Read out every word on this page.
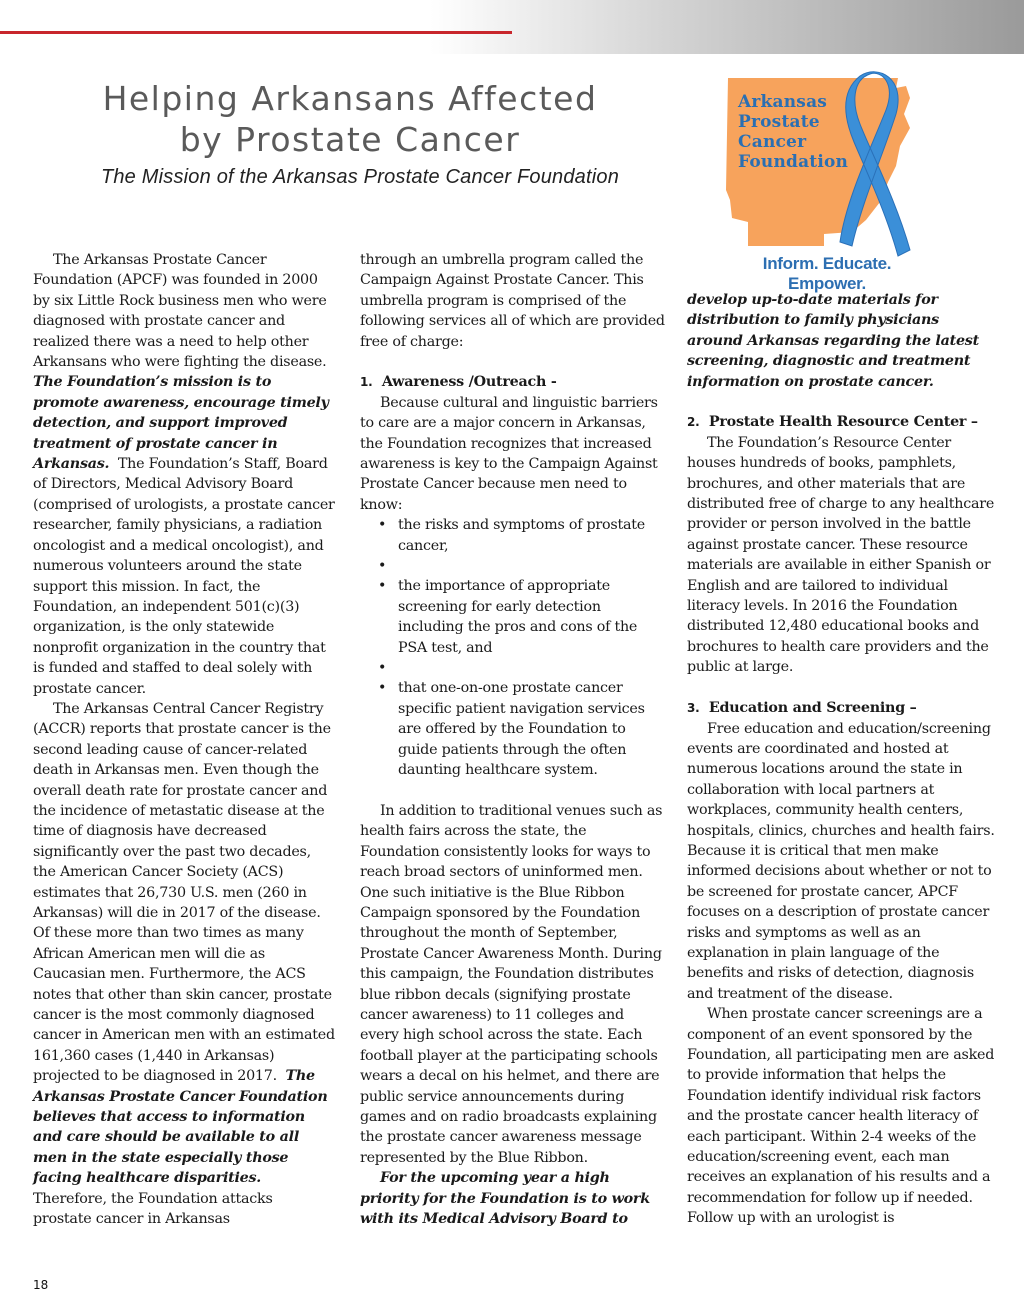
Helping Arkansans Affected
by Prostate Cancer
The Mission of the Arkansas Prostate Cancer Foundation
Arkansas
Prostate
Cancer
Foundation
Inform. Educate. Empower.

The Arkansas Prostate Cancer Foundation (APCF) was founded in 2000 by six Little Rock business men who were diagnosed with prostate cancer and realized there was a need to help other Arkansans who were fighting the disease. The Foundation’s mission is to promote awareness, encourage timely detection, and support improved treatment of prostate cancer in Arkansas. The Foundation’s Staff, Board of Directors, Medical Advisory Board (comprised of urologists, a prostate cancer researcher, family physicians, a radiation oncologist and a medical oncologist), and numerous volunteers around the state support this mission. In fact, the Foundation, an independent 501(c)(3) organization, is the only statewide nonprofit organization in the country that is funded and staffed to deal solely with prostate cancer.

The Arkansas Central Cancer Registry (ACCR) reports that prostate cancer is the second leading cause of cancer-related death in Arkansas men. Even though the overall death rate for prostate cancer and the incidence of metastatic disease at the time of diagnosis have decreased significantly over the past two decades, the American Cancer Society (ACS) estimates that 26,730 U.S. men (260 in Arkansas) will die in 2017 of the disease. Of these more than two times as many African American men will die as Caucasian men. Furthermore, the ACS notes that other than skin cancer, prostate cancer is the most commonly diagnosed cancer in American men with an estimated 161,360 cases (1,440 in Arkansas) projected to be diagnosed in 2017. The Arkansas Prostate Cancer Foundation believes that access to information and care should be available to all men in the state especially those facing healthcare disparities.  Therefore, the Foundation attacks prostate cancer in Arkansas

through an umbrella program called the Campaign Against Prostate Cancer. This umbrella program is comprised of the following services all of which are provided free of charge:

1. Awareness /Outreach -

Because cultural and linguistic barriers to care are a major concern in Arkansas, the Foundation recognizes that increased awareness is key to the Campaign Against Prostate Cancer because men need to know:

• the risks and symptoms of prostate cancer,
•
• the importance of appropriate screening for early detection including the pros and cons of the PSA test, and
•
• that one-on-one prostate cancer specific patient navigation services are offered by the Foundation to guide patients through the often daunting healthcare system.

In addition to traditional venues such as health fairs across the state, the Foundation consistently looks for ways to reach broad sectors of uninformed men. One such initiative is the Blue Ribbon Campaign sponsored by the Foundation throughout the month of September, Prostate Cancer Awareness Month. During this campaign, the Foundation distributes blue ribbon decals (signifying prostate cancer awareness) to 11 colleges and every high school across the state. Each football player at the participating schools wears a decal on his helmet, and there are public service announcements during games and on radio broadcasts explaining the prostate cancer awareness message represented by the Blue Ribbon.

For the upcoming year a high priority for the Foundation is to work with its Medical Advisory Board to

develop up-to-date materials for distribution to family physicians around Arkansas regarding the latest screening, diagnostic and treatment information on prostate cancer.

2. Prostate Health Resource Center –

The Foundation’s Resource Center houses hundreds of books, pamphlets, brochures, and other materials that are distributed free of charge to any healthcare provider or person involved in the battle against prostate cancer. These resource materials are available in either Spanish or English and are tailored to individual literacy levels. In 2016 the Foundation distributed 12,480 educational books and brochures to health care providers and the public at large.

3. Education and Screening –

Free education and education/screening events are coordinated and hosted at numerous locations around the state in collaboration with local partners at workplaces, community health centers, hospitals, clinics, churches and health fairs. Because it is critical that men make informed decisions about whether or not to be screened for prostate cancer, APCF focuses on a description of prostate cancer risks and symptoms as well as an explanation in plain language of the benefits and risks of detection, diagnosis and treatment of the disease.

When prostate cancer screenings are a component of an event sponsored by the Foundation, all participating men are asked to provide information that helps the Foundation identify individual risk factors and the prostate cancer health literacy of each participant. Within 2-4 weeks of the education/screening event, each man receives an explanation of his results and a recommendation for follow up if needed. Follow up with an urologist is

18
